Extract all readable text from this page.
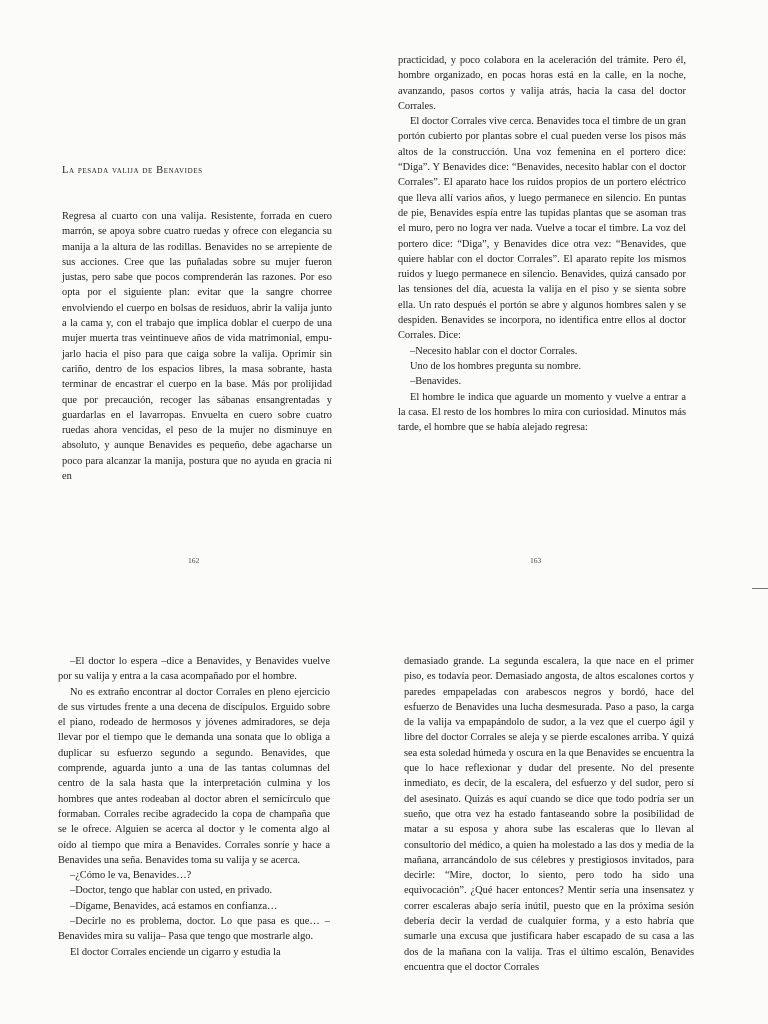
La pesada valija de Benavides

Regresa al cuarto con una valija. Resistente, forrada en cuero marrón, se apoya sobre cuatro ruedas y ofrece con elegancia su manija a la altura de las rodillas. Benavides no se arrepiente de sus acciones. Cree que las puñaladas sobre su mujer fueron justas, pero sabe que pocos comprenderán las razones. Por eso opta por el siguiente plan: evitar que la sangre chorree envolviendo el cuerpo en bolsas de residuos, abrir la valija junto a la cama y, con el trabajo que implica doblar el cuerpo de una mujer muerta tras veintinueve años de vida matrimonial, empujarlo hacia el piso para que caiga sobre la valija. Oprimir sin cariño, dentro de los espacios libres, la masa sobrante, hasta terminar de encastrar el cuerpo en la base. Más por prolijidad que por precaución, recoger las sábanas ensangrentadas y guardarlas en el lavarropas. Envuelta en cuero sobre cuatro ruedas ahora vencidas, el peso de la mujer no disminuye en absoluto, y aunque Benavides es pequeño, debe agacharse un poco para alcanzar la manija, postura que no ayuda en gracia ni en

162

practicidad, y poco colabora en la aceleración del trámite. Pero él, hombre organizado, en pocas horas está en la calle, en la noche, avanzando, pasos cortos y valija atrás, hacia la casa del doctor Corrales.

El doctor Corrales vive cerca. Benavides toca el timbre de un gran portón cubierto por plantas sobre el cual pueden verse los pisos más altos de la construcción. Una voz femenina en el portero dice: “Diga”. Y Benavides dice: “Benavides, necesito hablar con el doctor Corrales”. El aparato hace los ruidos propios de un portero eléctrico que lleva allí varios años, y luego permanece en silencio. En puntas de pie, Benavides espía entre las tupidas plantas que se asoman tras el muro, pero no logra ver nada. Vuelve a tocar el timbre. La voz del portero dice: “Diga”, y Benavides dice otra vez: “Benavides, que quiere hablar con el doctor Corrales”. El aparato repite los mismos ruidos y luego permanece en silencio. Benavides, quizá cansado por las tensiones del día, acuesta la valija en el piso y se sienta sobre ella. Un rato después el portón se abre y algunos hombres salen y se despiden. Benavides se incorpora, no identifica entre ellos al doctor Corrales. Dice:

–Necesito hablar con el doctor Corrales.

Uno de los hombres pregunta su nombre.

–Benavides.

El hombre le indica que aguarde un momento y vuelve a entrar a la casa. El resto de los hombres lo mira con curiosidad. Minutos más tarde, el hombre que se había alejado regresa:

163

–El doctor lo espera –dice a Benavides, y Benavides vuelve por su valija y entra a la casa acompañado por el hombre.

No es extraño encontrar al doctor Corrales en pleno ejercicio de sus virtudes frente a una decena de discípulos. Erguido sobre el piano, rodeado de hermosos y jóvenes admiradores, se deja llevar por el tiempo que le demanda una sonata que lo obliga a duplicar su esfuerzo segundo a segundo. Benavides, que comprende, aguarda junto a una de las tantas columnas del centro de la sala hasta que la interpretación culmina y los hombres que antes rodeaban al doctor abren el semicírculo que formaban. Corrales recibe agradecido la copa de champaña que se le ofrece. Alguien se acerca al doctor y le comenta algo al oído al tiempo que mira a Benavides. Corrales sonríe y hace a Benavides una seña. Benavides toma su valija y se acerca.

–¿Cómo le va, Benavides…?

–Doctor, tengo que hablar con usted, en privado.

–Dígame, Benavides, acá estamos en confianza…

–Decirle no es problema, doctor. Lo que pasa es que… –Benavides mira su valija– Pasa que tengo que mostrarle algo.

El doctor Corrales enciende un cigarro y estudia la

demasiado grande. La segunda escalera, la que nace en el primer piso, es todavía peor. Demasiado angosta, de altos escalones cortos y paredes empapeladas con arabescos negros y bordó, hace del esfuerzo de Benavides una lucha desmesurada. Paso a paso, la carga de la valija va empapándolo de sudor, a la vez que el cuerpo ágil y libre del doctor Corrales se aleja y se pierde escalones arriba. Y quizá sea esta soledad húmeda y oscura en la que Benavides se encuentra la que lo hace reflexionar y dudar del presente. No del presente inmediato, es decir, de la escalera, del esfuerzo y del sudor, pero sí del asesinato. Quizás es aquí cuando se dice que todo podría ser un sueño, que otra vez ha estado fantaseando sobre la posibilidad de matar a su esposa y ahora sube las escaleras que lo llevan al consultorio del médico, a quien ha molestado a las dos y media de la mañana, arrancándolo de sus célebres y prestigiosos invitados, para decirle: “Mire, doctor, lo siento, pero todo ha sido una equivocación”. ¿Qué hacer entonces? Mentir sería una insensatez y correr escaleras abajo sería inútil, puesto que en la próxima sesión debería decir la verdad de cualquier forma, y a esto habría que sumarle una excusa que justificara haber escapado de su casa a las dos de la mañana con la valija. Tras el último escalón, Benavides encuentra que el doctor Corrales
